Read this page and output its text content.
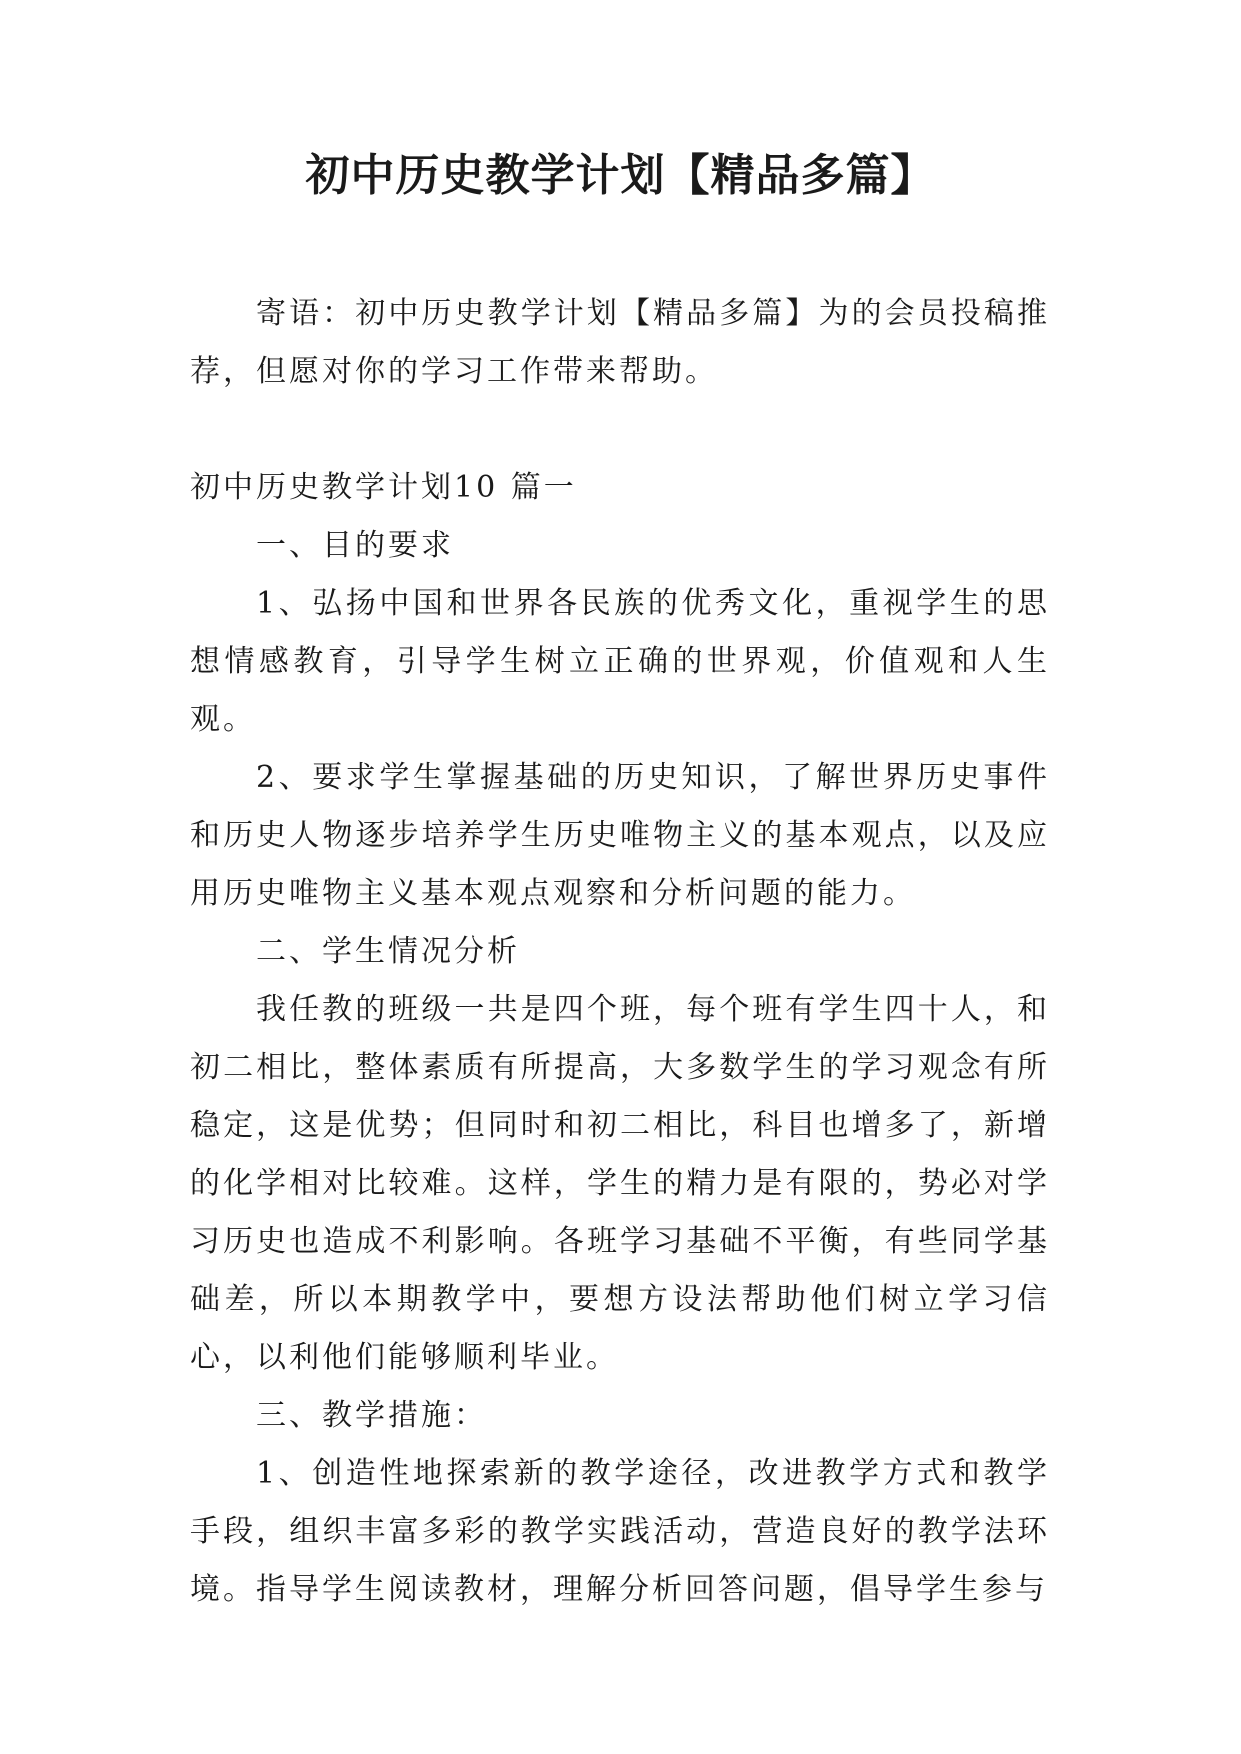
初中历史教学计划【精品多篇】

寄语：初中历史教学计划【精品多篇】为的会员投稿推荐，但愿对你的学习工作带来帮助。

初中历史教学计划10 篇一

一、目的要求

1、弘扬中国和世界各民族的优秀文化，重视学生的思想情感教育，引导学生树立正确的世界观，价值观和人生观。

2、要求学生掌握基础的历史知识，了解世界历史事件和历史人物逐步培养学生历史唯物主义的基本观点，以及应用历史唯物主义基本观点观察和分析问题的能力。

二、学生情况分析

我任教的班级一共是四个班，每个班有学生四十人，和初二相比，整体素质有所提高，大多数学生的学习观念有所稳定，这是优势；但同时和初二相比，科目也增多了，新增的化学相对比较难。这样，学生的精力是有限的，势必对学习历史也造成不利影响。各班学习基础不平衡，有些同学基础差，所以本期教学中，要想方设法帮助他们树立学习信心，以利他们能够顺利毕业。

三、教学措施：

1、创造性地探索新的教学途径，改进教学方式和教学手段，组织丰富多彩的教学实践活动，营造良好的教学法环境。指导学生阅读教材，理解分析回答问题，倡导学生参与
